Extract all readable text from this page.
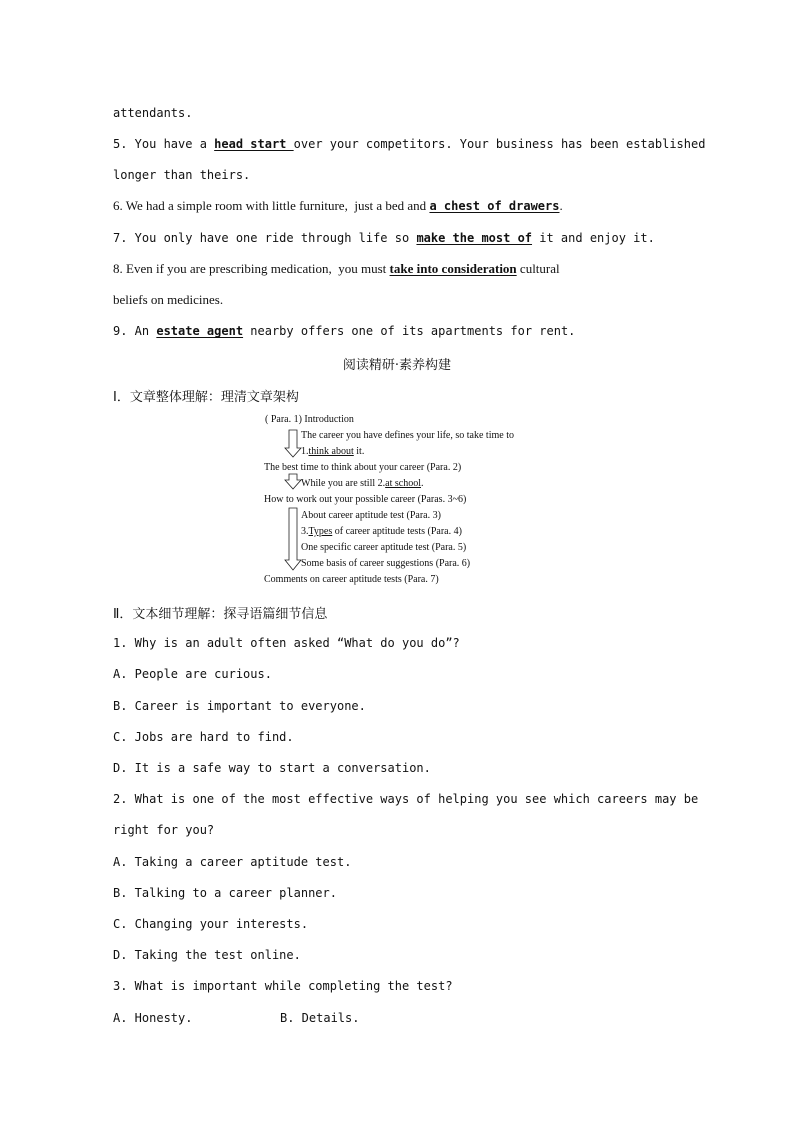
attendants.
5. You have a head start over your competitors. Your business has been established
longer than theirs.
6. We had a simple room with little furniture,  just a bed and a chest of drawers.
7. You only have one ride through life so make the most of it and enjoy it.
8. Even if you are prescribing medication,  you must take into consideration cultural
beliefs on medicines.
9. An estate agent nearby offers one of its apartments for rent.
阅读精研·素养构建
Ⅰ．文章整体理解：理清文章架构
( Para. 1) Introduction
The career you have defines your life, so take time to
1.think about it.
The best time to think about your career (Para. 2)
While you are still 2.at school.
How to work out your possible career (Paras. 3~6)
About career aptitude test (Para. 3)
3.Types of career aptitude tests (Para. 4)
One specific career aptitude test (Para. 5)
Some basis of career suggestions (Para. 6)
Comments on career aptitude tests (Para. 7)
Ⅱ．文本细节理解：探寻语篇细节信息
1. Why is an adult often asked “What do you do”?
A. People are curious.
B. Career is important to everyone.
C. Jobs are hard to find.
D. It is a safe way to start a conversation.
2. What is one of the most effective ways of helping you see which careers may be
right for you?
A. Taking a career aptitude test.
B. Talking to a career planner.
C. Changing your interests.
D. Taking the test online.
3. What is important while completing the test?
A. Honesty.	B. Details.
